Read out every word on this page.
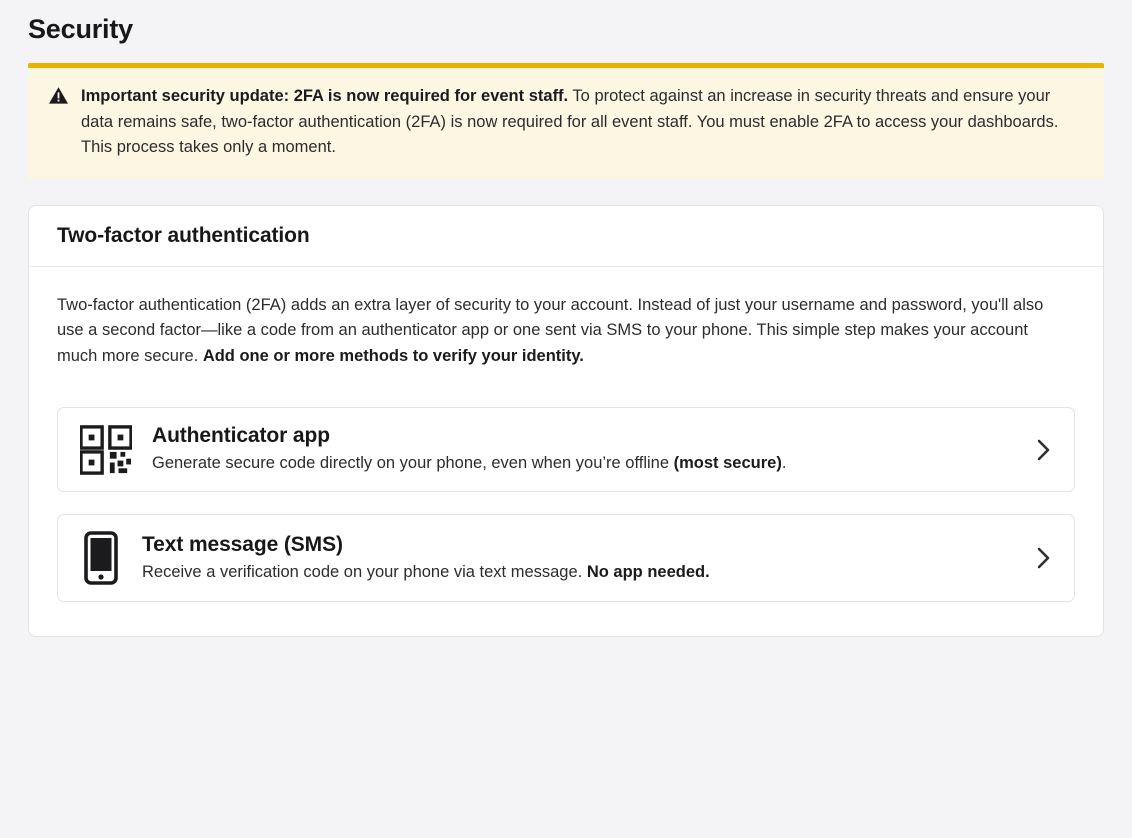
Security
Important security update: 2FA is now required for event staff. To protect against an increase in security threats and ensure your data remains safe, two-factor authentication (2FA) is now required for all event staff. You must enable 2FA to access your dashboards. This process takes only a moment.
Two-factor authentication

Two-factor authentication (2FA) adds an extra layer of security to your account. Instead of just your username and password, you'll also use a second factor—like a code from an authenticator app or one sent via SMS to your phone. This simple step makes your account much more secure. Add one or more methods to verify your identity.

Authenticator app
Generate secure code directly on your phone, even when you’re offline (most secure).
Text message (SMS)
Receive a verification code on your phone via text message. No app needed.
